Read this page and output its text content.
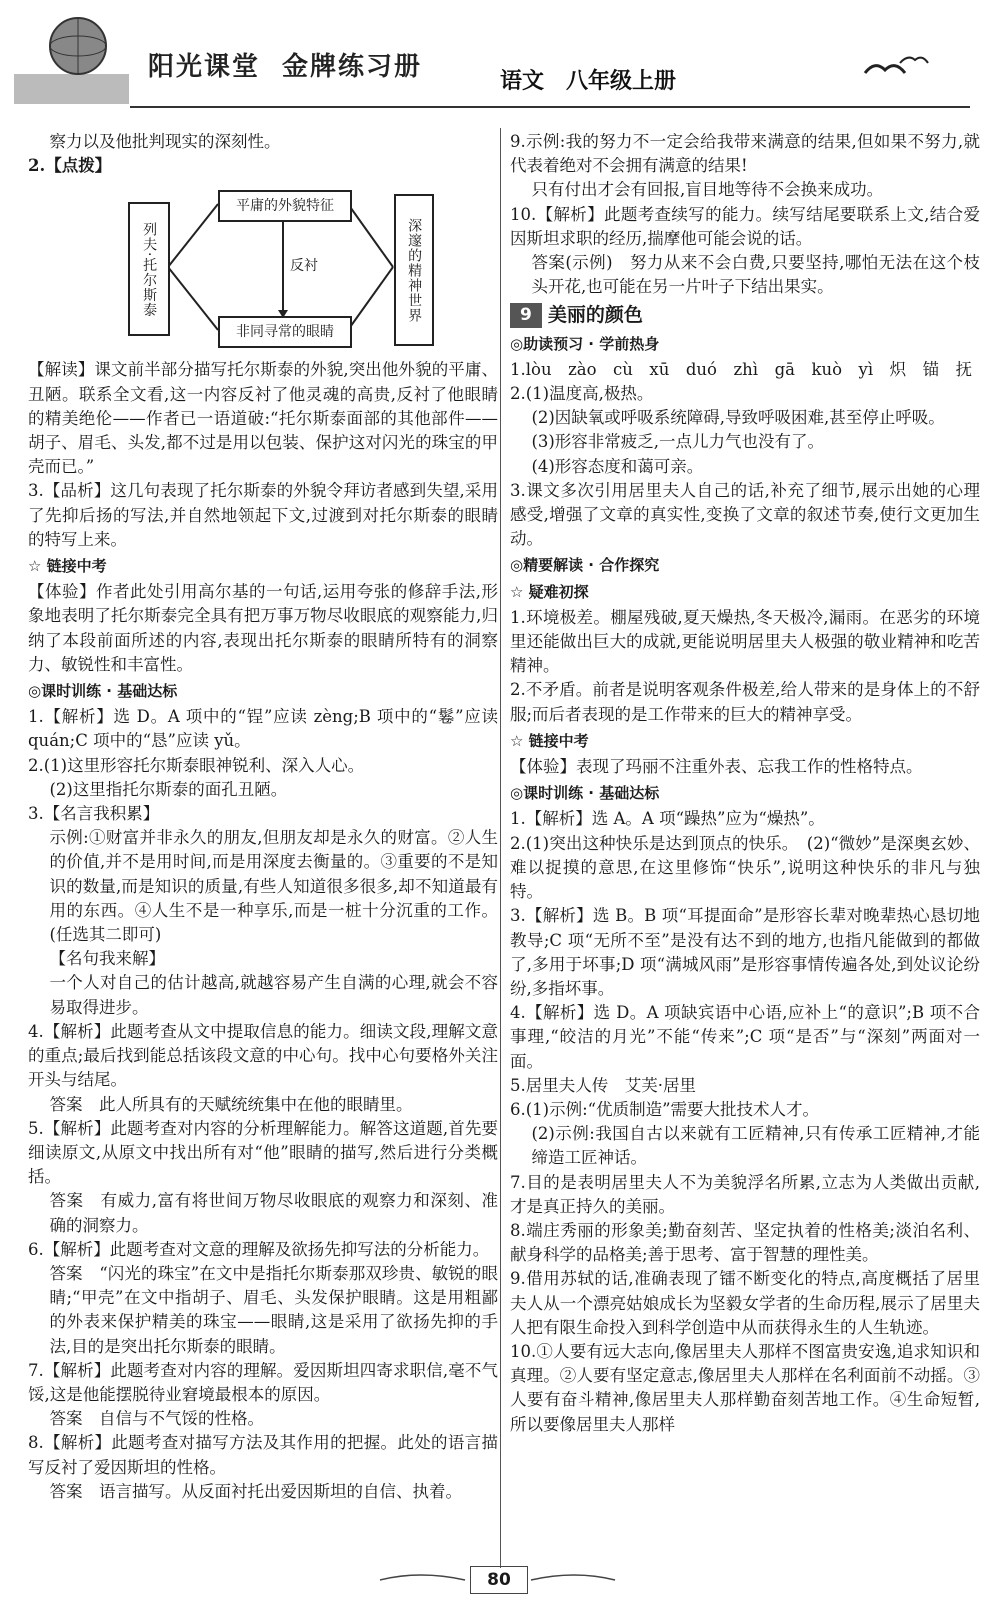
阳光课堂 金牌练习册	语文　八年级上册

察力以及他批判现实的深刻性。

2.【点拨】

列夫·托尔斯泰
平庸的外貌特征
非同寻常的眼睛
反衬	深邃的精神世界

【解读】课文前半部分描写托尔斯泰的外貌,突出他外貌的平庸、丑陋。联系全文看,这一内容反衬了他灵魂的高贵,反衬了他眼睛的精美绝伦——作者已一语道破:“托尔斯泰面部的其他部件——胡子、眉毛、头发,都不过是用以包装、保护这对闪光的珠宝的甲壳而已。”

3.【品析】这几句表现了托尔斯泰的外貌令拜访者感到失望,采用了先抑后扬的写法,并自然地领起下文,过渡到对托尔斯泰的眼睛的特写上来。

☆ 链接中考

【体验】作者此处引用高尔基的一句话,运用夸张的修辞手法,形象地表明了托尔斯泰完全具有把万事万物尽收眼底的观察能力,归纳了本段前面所述的内容,表现出托尔斯泰的眼睛所特有的洞察力、敏锐性和丰富性。

◎课时训练 · 基础达标

1.【解析】选 D。A 项中的“锃”应读 zèng;B 项中的“鬈”应读 quán;C 项中的“恳”应读 yǔ。

2.(1)这里形容托尔斯泰眼神锐利、深入人心。

(2)这里指托尔斯泰的面孔丑陋。

3.【名言我积累】

示例:①财富并非永久的朋友,但朋友却是永久的财富。②人生的价值,并不是用时间,而是用深度去衡量的。③重要的不是知识的数量,而是知识的质量,有些人知道很多很多,却不知道最有用的东西。④人生不是一种享乐,而是一桩十分沉重的工作。(任选其二即可)

【名句我来解】

一个人对自己的估计越高,就越容易产生自满的心理,就会不容易取得进步。

4.【解析】此题考查从文中提取信息的能力。细读文段,理解文意的重点;最后找到能总括该段文意的中心句。找中心句要格外关注开头与结尾。

答案　此人所具有的天赋统统集中在他的眼睛里。

5.【解析】此题考查对内容的分析理解能力。解答这道题,首先要细读原文,从原文中找出所有对“他”眼睛的描写,然后进行分类概括。

答案　有威力,富有将世间万物尽收眼底的观察力和深刻、准确的洞察力。

6.【解析】此题考查对文意的理解及欲扬先抑写法的分析能力。

答案　“闪光的珠宝”在文中是指托尔斯泰那双珍贵、敏锐的眼睛;“甲壳”在文中指胡子、眉毛、头发保护眼睛。这是用粗鄙的外表来保护精美的珠宝——眼睛,这是采用了欲扬先抑的手法,目的是突出托尔斯泰的眼睛。

7.【解析】此题考查对内容的理解。爱因斯坦四寄求职信,毫不气馁,这是他能摆脱待业窘境最根本的原因。

答案　自信与不气馁的性格。

8.【解析】此题考查对描写方法及其作用的把握。此处的语言描写反衬了爱因斯坦的性格。

答案　语言描写。从反面衬托出爱因斯坦的自信、执着。

9.示例:我的努力不一定会给我带来满意的结果,但如果不努力,就代表着绝对不会拥有满意的结果!

只有付出才会有回报,盲目地等待不会换来成功。

10.【解析】此题考查续写的能力。续写结尾要联系上文,结合爱因斯坦求职的经历,揣摩他可能会说的话。

答案(示例)　努力从来不会白费,只要坚持,哪怕无法在这个枝头开花,也可能在另一片叶子下结出果实。

9 美丽的颜色

◎助读预习 · 学前热身

1.lòu　zào　cù　xū　duó　zhì　gā　kuò　yì　炽　锚　抚

2.(1)温度高,极热。

(2)因缺氧或呼吸系统障碍,导致呼吸困难,甚至停止呼吸。

(3)形容非常疲乏,一点儿力气也没有了。

(4)形容态度和蔼可亲。

3.课文多次引用居里夫人自己的话,补充了细节,展示出她的心理感受,增强了文章的真实性,变换了文章的叙述节奏,使行文更加生动。

◎精要解读 · 合作探究

☆ 疑难初探

1.环境极差。棚屋残破,夏天燥热,冬天极冷,漏雨。在恶劣的环境里还能做出巨大的成就,更能说明居里夫人极强的敬业精神和吃苦精神。

2.不矛盾。前者是说明客观条件极差,给人带来的是身体上的不舒服;而后者表现的是工作带来的巨大的精神享受。

☆ 链接中考

【体验】表现了玛丽不注重外表、忘我工作的性格特点。

◎课时训练 · 基础达标

1.【解析】选 A。A 项“躁热”应为“燥热”。

2.(1)突出这种快乐是达到顶点的快乐。　(2)“微妙”是深奥玄妙、难以捉摸的意思,在这里修饰“快乐”,说明这种快乐的非凡与独特。

3.【解析】选 B。B 项“耳提面命”是形容长辈对晚辈热心恳切地教导;C 项“无所不至”是没有达不到的地方,也指凡能做到的都做了,多用于坏事;D 项“满城风雨”是形容事情传遍各处,到处议论纷纷,多指坏事。

4.【解析】选 D。A 项缺宾语中心语,应补上“的意识”;B 项不合事理,“皎洁的月光”不能“传来”;C 项“是否”与“深刻”两面对一面。

5.居里夫人传　艾芙·居里

6.(1)示例:“优质制造”需要大批技术人才。

(2)示例:我国自古以来就有工匠精神,只有传承工匠精神,才能缔造工匠神话。

7.目的是表明居里夫人不为美貌浮名所累,立志为人类做出贡献,才是真正持久的美丽。

8.端庄秀丽的形象美;勤奋刻苦、坚定执着的性格美;淡泊名利、献身科学的品格美;善于思考、富于智慧的理性美。

9.借用苏轼的话,准确表现了镭不断变化的特点,高度概括了居里夫人从一个漂亮姑娘成长为坚毅女学者的生命历程,展示了居里夫人把有限生命投入到科学创造中从而获得永生的人生轨迹。

10.①人要有远大志向,像居里夫人那样不图富贵安逸,追求知识和真理。②人要有坚定意志,像居里夫人那样在名利面前不动摇。③人要有奋斗精神,像居里夫人那样勤奋刻苦地工作。④生命短暂,所以要像居里夫人那样

80
